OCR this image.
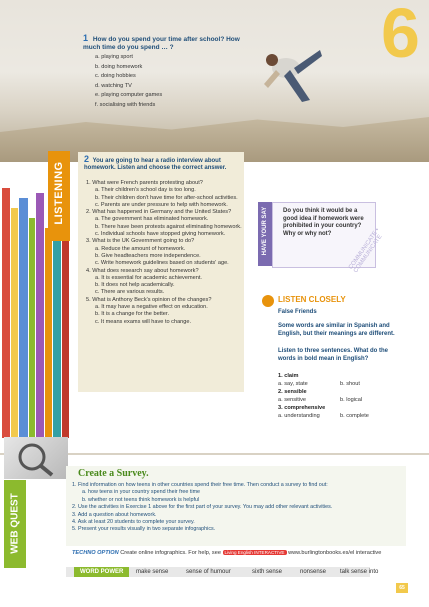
6
1 How do you spend your time after school? How much time do you spend … ?
a. playing sport
b. doing homework
c. doing hobbies
d. watching TV
e. playing computer games
f. socialising with friends
LISTENING
2 You are going to hear a radio interview about homework. Listen and choose the correct answer.

1. What were French parents protesting about?

a. Their children's school day is too long.

b. Their children don't have time for after-school activities.

c. Parents are under pressure to help with homework.

2. What has happened in Germany and the United States?

a. The government has eliminated homework.

b. There have been protests against eliminating homework.

c. Individual schools have stopped giving homework.

3. What is the UK Government going to do?

a. Reduce the amount of homework.

b. Give headteachers more independence.

c. Write homework guidelines based on students' age.

4. What does research say about homework?

a. It is essential for academic achievement.

b. It does not help academically.

c. There are various results.

5. What is Anthony Beck's opinion of the changes?

a. It may have a negative effect on education.

b. It is a change for the better.

c. It means exams will have to change.

HAVE YOUR SAY	Do you think it would be a good idea if homework were prohibited in your country? Why or why not?	COMMUNICATE • COMMUNICATE
LISTEN CLOSELY
False Friends
Some words are similar in Spanish and English, but their meanings are different.
Listen to three sentences. What do the words in bold mean in English?
1. claim
a. say, state	b. shout
2. sensible
a. sensitive	b. logical
3. comprehensive
a. understanding	b. complete
WEB QUEST
Create a Survey.
1. Find information on how teens in other countries spend their free time. Then conduct a survey to find out:
a. how teens in your country spend their free time
b. whether or not teens think homework is helpful
2. Use the activities in Exercise 1 above for the first part of your survey. You may add other relevant activities.
3. Add a question about homework.
4. Ask at least 20 students to complete your survey.
5. Present your results visually in two separate infographics.
TECHNO OPTION Create online infographics. For help, see Living English INTERACTIVE www.burlingtonbooks.es/el interactive
WORD POWER	make sense	sense of humour	sixth sense	nonsense talk sense into
65
